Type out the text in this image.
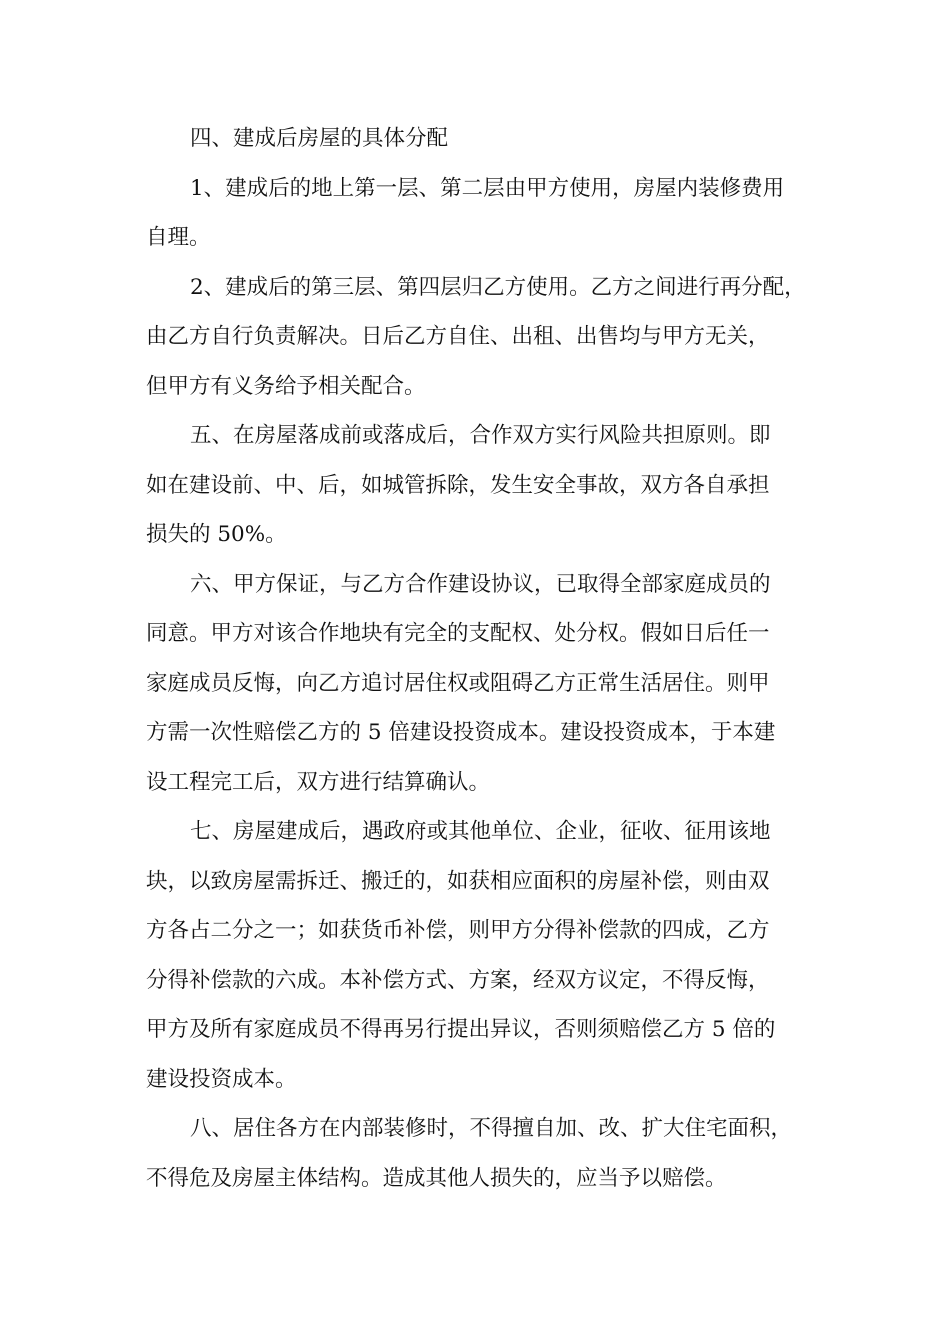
四、建成后房屋的具体分配
1、建成后的地上第一层、第二层由甲方使用，房屋内装修费用
自理。
2、建成后的第三层、第四层归乙方使用。乙方之间进行再分配，
由乙方自行负责解决。日后乙方自住、出租、出售均与甲方无关，
但甲方有义务给予相关配合。
五、在房屋落成前或落成后，合作双方实行风险共担原则。即
如在建设前、中、后，如城管拆除，发生安全事故，双方各自承担
损失的 50%。
六、甲方保证，与乙方合作建设协议，已取得全部家庭成员的
同意。甲方对该合作地块有完全的支配权、处分权。假如日后任一
家庭成员反悔，向乙方追讨居住权或阻碍乙方正常生活居住。则甲
方需一次性赔偿乙方的 5 倍建设投资成本。建设投资成本，于本建
设工程完工后，双方进行结算确认。
七、房屋建成后，遇政府或其他单位、企业，征收、征用该地
块，以致房屋需拆迁、搬迁的，如获相应面积的房屋补偿，则由双
方各占二分之一；如获货币补偿，则甲方分得补偿款的四成，乙方
分得补偿款的六成。本补偿方式、方案，经双方议定，不得反悔，
甲方及所有家庭成员不得再另行提出异议，否则须赔偿乙方 5 倍的
建设投资成本。
八、居住各方在内部装修时，不得擅自加、改、扩大住宅面积，
不得危及房屋主体结构。造成其他人损失的，应当予以赔偿。
